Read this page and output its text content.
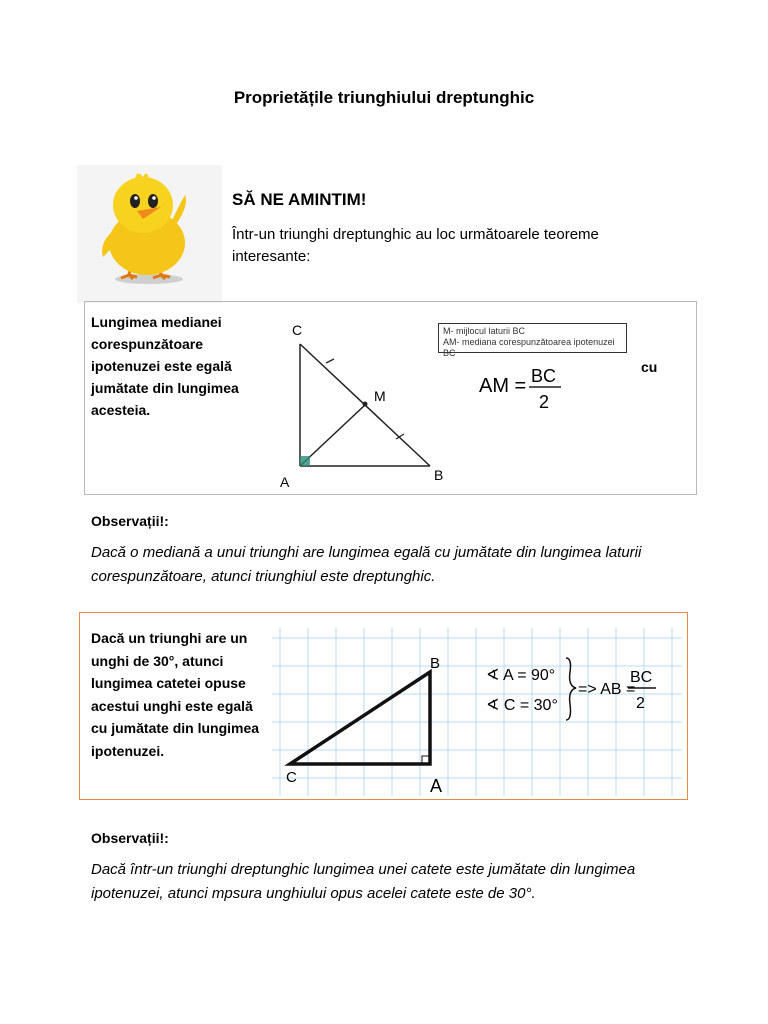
Proprietățile triunghiului dreptunghic
SĂ NE AMINTIM!
Într-un triunghi dreptunghic au loc următoarele teoreme interesante:
Lungimea medianei corespunzătoare ipotenuzei este egală jumătate din lungimea acesteia.
cu
C
M
A	B
M- mijlocul laturii BC
AM- mediana corespunzătoarea ipotenuzei BC
AM = BC
2
Observații!:
Dacă o mediană a unui triunghi are lungimea egală cu jumătate din lungimea laturii corespunzătoare, atunci triunghiul este dreptunghic.
Dacă un triunghi are un unghi de 30°, atunci lungimea catetei opuse acestui unghi este egală cu jumătate din lungimea ipotenuzei.
B
C	A
∢ A = 90°
∢ C = 30°
=> AB =
BC
2
Observații!:
Dacă într-un triunghi dreptunghic lungimea unei catete este jumătate din lungimea ipotenuzei, atunci mpsura unghiului opus acelei catete este de 30°.
